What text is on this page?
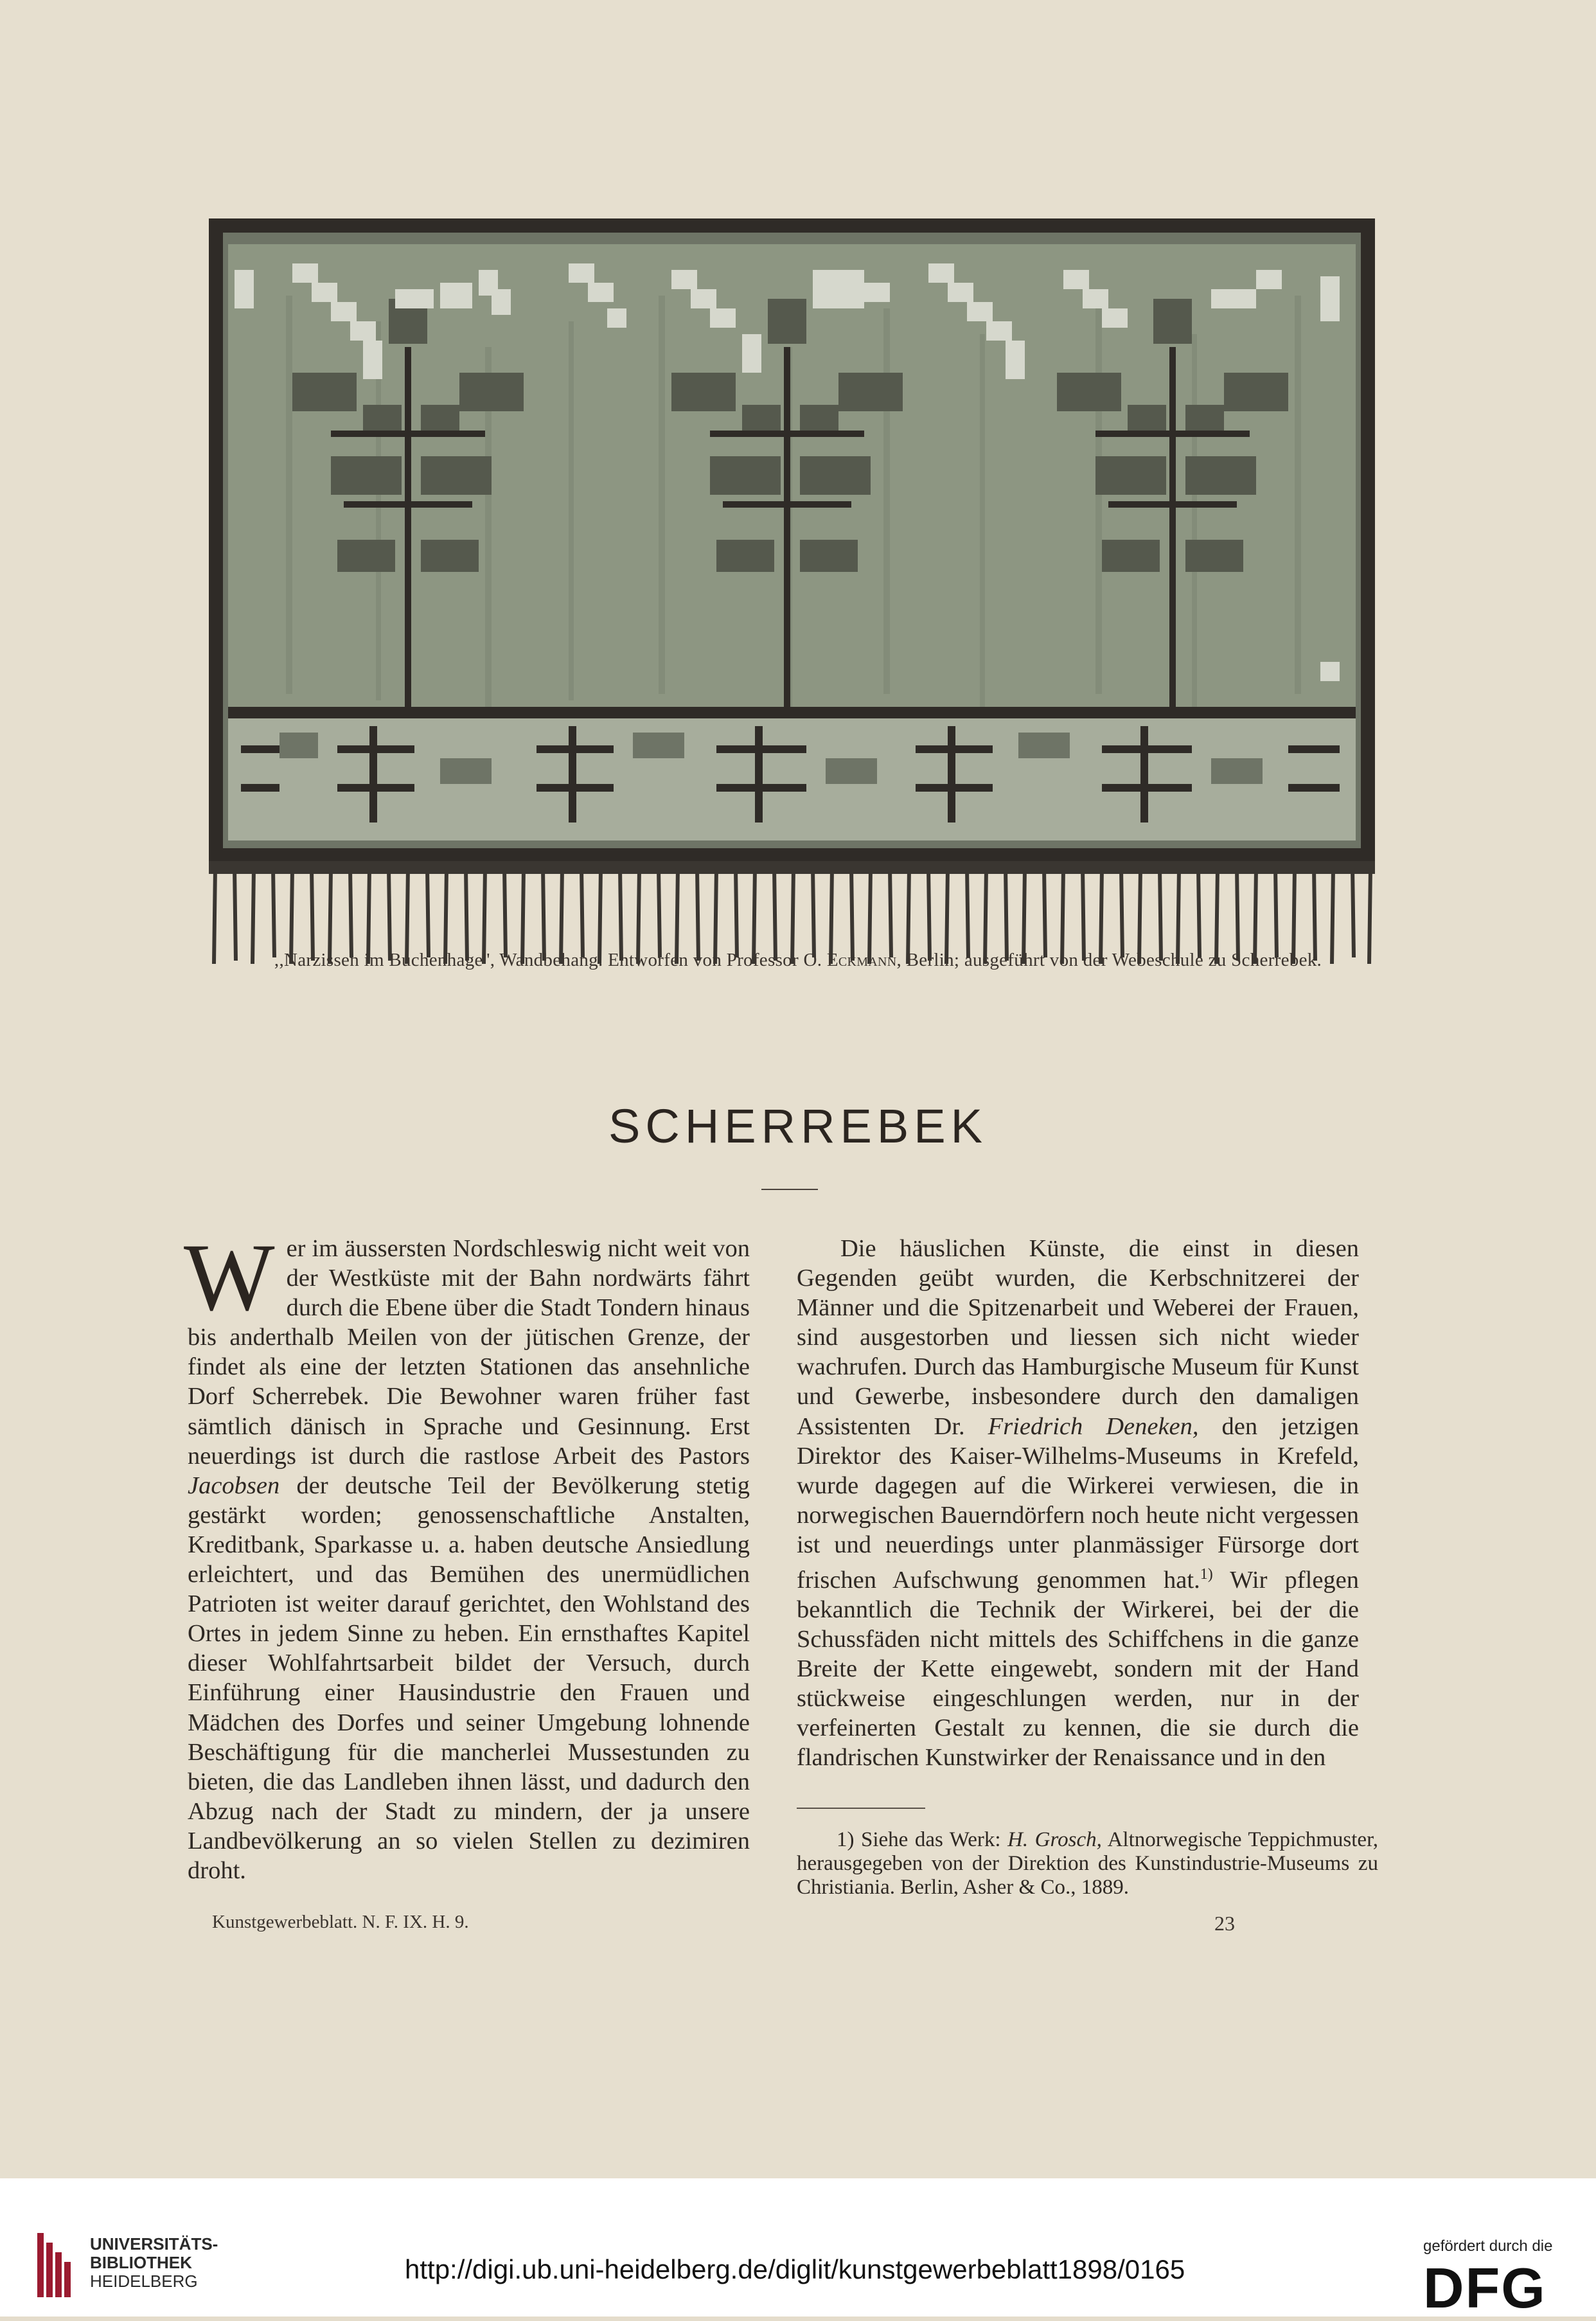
,,Narzissen im Buchenhage'', Wandbehang. Entworfen von Professor O. Eckmann, Berlin; ausgeführt von der Webeschule zu Scherrebek.
SCHERREBEK

Wer im äussersten Nordschleswig nicht weit von der Westküste mit der Bahn nordwärts fährt durch die Ebene über die Stadt Tondern hinaus bis anderthalb Meilen von der jütischen Grenze, der findet als eine der letzten Stationen das ansehnliche Dorf Scherrebek. Die Bewohner waren früher fast sämtlich dänisch in Sprache und Gesinnung. Erst neuerdings ist durch die rastlose Arbeit des Pastors Jacobsen der deutsche Teil der Bevölkerung stetig gestärkt worden; genossenschaftliche Anstalten, Kreditbank, Sparkasse u. a. haben deutsche Ansiedlung erleichtert, und das Bemühen des unermüdlichen Patrioten ist weiter darauf gerichtet, den Wohlstand des Ortes in jedem Sinne zu heben. Ein ernsthaftes Kapitel dieser Wohlfahrtsarbeit bildet der Versuch, durch Einführung einer Hausindustrie den Frauen und Mädchen des Dorfes und seiner Umgebung lohnende Beschäftigung für die mancherlei Mussestunden zu bieten, die das Landleben ihnen lässt, und dadurch den Abzug nach der Stadt zu mindern, der ja unsere Landbevölkerung an so vielen Stellen zu dezimiren droht.

Die häuslichen Künste, die einst in diesen Gegenden geübt wurden, die Kerbschnitzerei der Männer und die Spitzenarbeit und Weberei der Frauen, sind ausgestorben und liessen sich nicht wieder wachrufen. Durch das Hamburgische Museum für Kunst und Gewerbe, insbesondere durch den damaligen Assistenten Dr. Friedrich Deneken, den jetzigen Direktor des Kaiser-Wilhelms-Museums in Krefeld, wurde dagegen auf die Wirkerei verwiesen, die in norwegischen Bauerndörfern noch heute nicht vergessen ist und neuerdings unter planmässiger Fürsorge dort frischen Aufschwung genommen hat.$^{1)}$ Wir pflegen bekanntlich die Technik der Wirkerei, bei der die Schussfäden nicht mittels des Schiffchens in die ganze Breite der Kette eingewebt, sondern mit der Hand stückweise eingeschlungen werden, nur in der verfeinerten Gestalt zu kennen, die sie durch die flandrischen Kunstwirker der Renaissance und in den

1) Siehe das Werk: H. Grosch, Altnorwegische Teppichmuster, herausgegeben von der Direktion des Kunstindustrie-Museums zu Christiania. Berlin, Asher & Co., 1889.

Kunstgewerbeblatt. N. F. IX. H. 9.	23
UNIVERSITÄTS-
BIBLIOTHEK
HEIDELBERG	http://digi.ub.uni-heidelberg.de/diglit/kunstgewerbeblatt1898/0165
gefördert durch die
DFG
